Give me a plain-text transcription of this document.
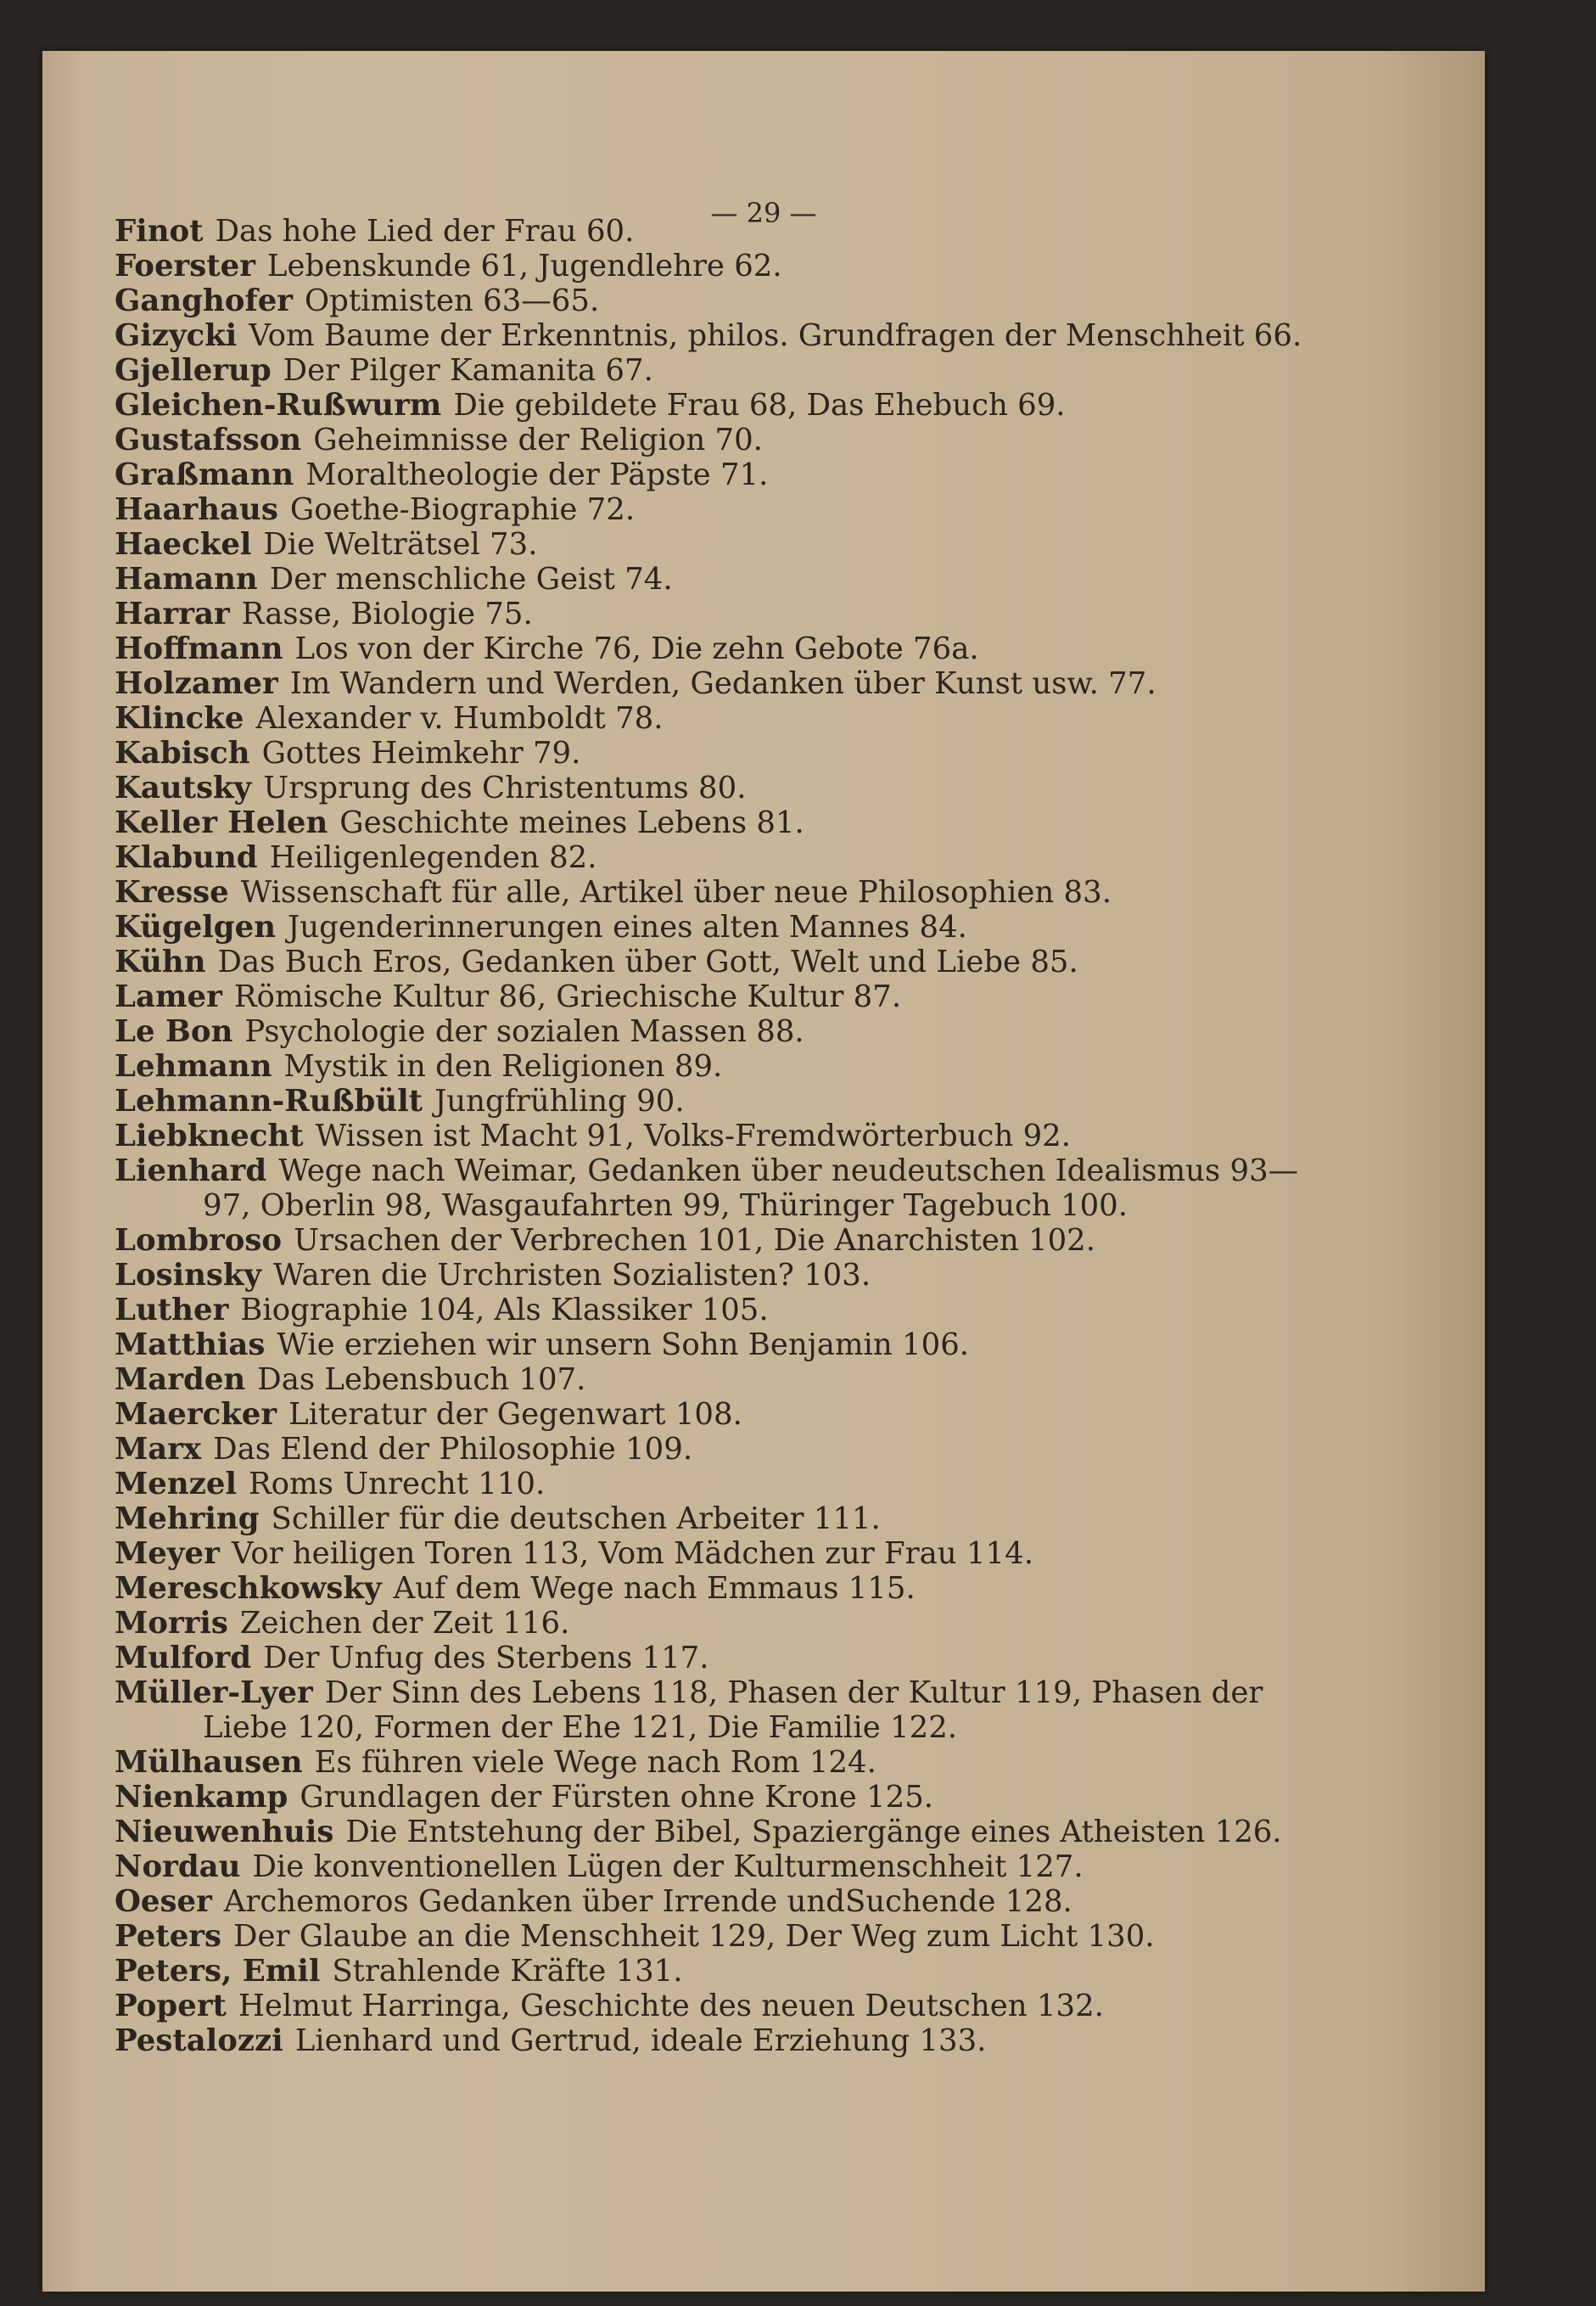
— 29 —
Finot Das hohe Lied der Frau 60.
Foerster Lebenskunde 61, Jugendlehre 62.
Ganghofer Optimisten 63—65.
Gizycki Vom Baume der Erkenntnis, philos. Grundfragen der Menschheit 66.
Gjellerup Der Pilger Kamanita 67.
Gleichen-Rußwurm Die gebildete Frau 68, Das Ehebuch 69.
Gustafsson Geheimnisse der Religion 70.
Graßmann Moraltheologie der Päpste 71.
Haarhaus Goethe-Biographie 72.
Haeckel Die Welträtsel 73.
Hamann Der menschliche Geist 74.
Harrar Rasse, Biologie 75.
Hoffmann Los von der Kirche 76, Die zehn Gebote 76a.
Holzamer Im Wandern und Werden, Gedanken über Kunst usw. 77.
Klincke Alexander v. Humboldt 78.
Kabisch Gottes Heimkehr 79.
Kautsky Ursprung des Christentums 80.
Keller Helen Geschichte meines Lebens 81.
Klabund Heiligenlegenden 82.
Kresse Wissenschaft für alle, Artikel über neue Philosophien 83.
Kügelgen Jugenderinnerungen eines alten Mannes 84.
Kühn Das Buch Eros, Gedanken über Gott, Welt und Liebe 85.
Lamer Römische Kultur 86, Griechische Kultur 87.
Le Bon Psychologie der sozialen Massen 88.
Lehmann Mystik in den Religionen 89.
Lehmann-Rußbült Jungfrühling 90.
Liebknecht Wissen ist Macht 91, Volks-Fremdwörterbuch 92.
Lienhard Wege nach Weimar, Gedanken über neudeutschen Idealismus 93—97, Oberlin 98, Wasgaufahrten 99, Thüringer Tagebuch 100.
Lombroso Ursachen der Verbrechen 101, Die Anarchisten 102.
Losinsky Waren die Urchristen Sozialisten? 103.
Luther Biographie 104, Als Klassiker 105.
Matthias Wie erziehen wir unsern Sohn Benjamin 106.
Marden Das Lebensbuch 107.
Maercker Literatur der Gegenwart 108.
Marx Das Elend der Philosophie 109.
Menzel Roms Unrecht 110.
Mehring Schiller für die deutschen Arbeiter 111.
Meyer Vor heiligen Toren 113, Vom Mädchen zur Frau 114.
Mereschkowsky Auf dem Wege nach Emmaus 115.
Morris Zeichen der Zeit 116.
Mulford Der Unfug des Sterbens 117.
Müller-Lyer Der Sinn des Lebens 118, Phasen der Kultur 119, Phasen der Liebe 120, Formen der Ehe 121, Die Familie 122.
Mülhausen Es führen viele Wege nach Rom 124.
Nienkamp Grundlagen der Fürsten ohne Krone 125.
Nieuwenhuis Die Entstehung der Bibel, Spaziergänge eines Atheisten 126.
Nordau Die konventionellen Lügen der Kulturmenschheit 127.
Oeser Archemoros Gedanken über Irrende undSuchende 128.
Peters Der Glaube an die Menschheit 129, Der Weg zum Licht 130.
Peters, Emil Strahlende Kräfte 131.
Popert Helmut Harringa, Geschichte des neuen Deutschen 132.
Pestalozzi Lienhard und Gertrud, ideale Erziehung 133.
